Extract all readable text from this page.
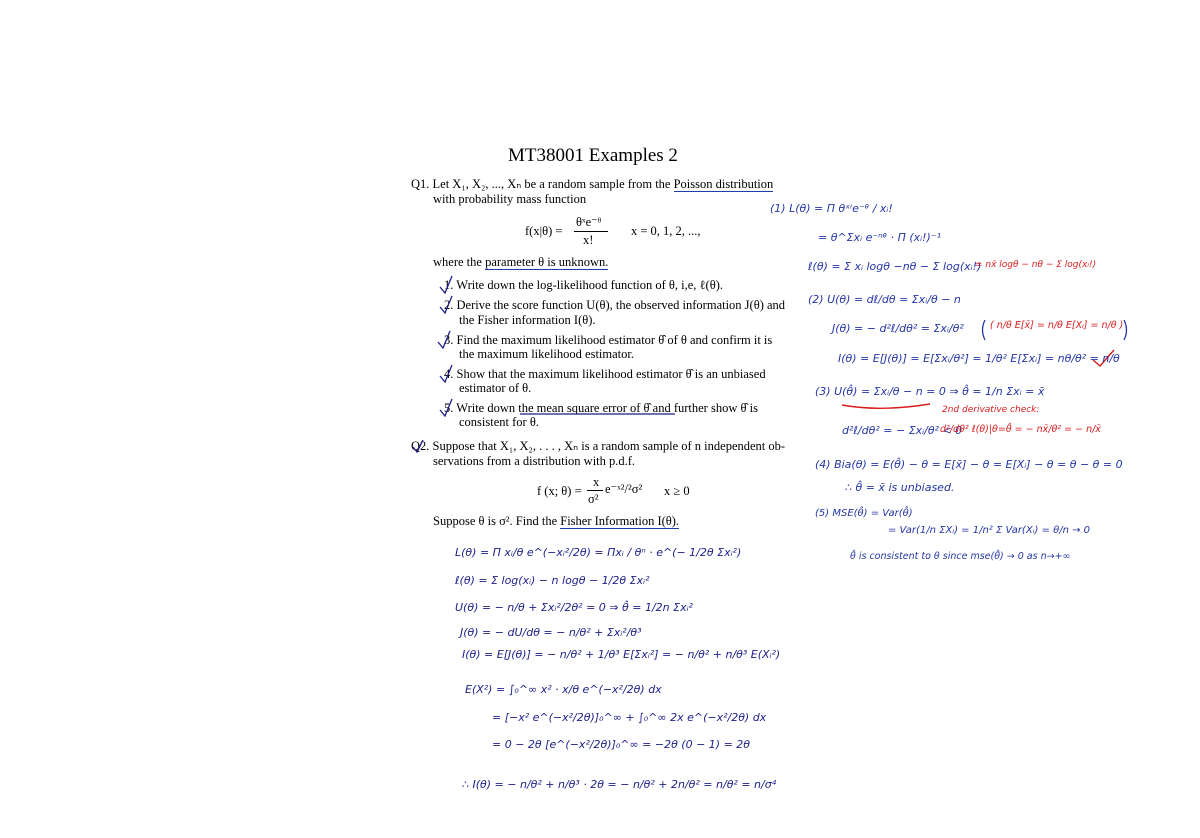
MT38001 Examples 2
Q1. Let X₁, X₂, ..., Xₙ be a random sample from the Poisson distribution
with probability mass function
f(x|θ) =
θˣe⁻ᶿ
x!
x = 0, 1, 2, ...,
where the parameter θ is unknown.
1. Write down the log-likelihood function of θ, i,e, ℓ(θ).
2. Derive the score function U(θ), the observed information J(θ) and
the Fisher information I(θ).
3. Find the maximum likelihood estimator θ̂ of θ and confirm it is
the maximum likelihood estimator.
4. Show that the maximum likelihood estimator θ̂ is an unbiased
estimator of θ.
5. Write down the mean square error of θ̂ and further show θ̂ is
consistent for θ.
Q2. Suppose that X₁, X₂, . . . , Xₙ is a random sample of n independent ob-
servations from a distribution with p.d.f.
f (x; θ) =
x
σ²
e⁻ˣ²/²σ² x ≥ 0
Suppose θ is σ². Find the Fisher Information I(θ).
(1) L(θ) = Π θˣⁱe⁻ᶿ / xᵢ!
= θ^Σxᵢ e⁻ⁿᶿ · Π (xᵢ!)⁻¹
ℓ(θ) = Σ xᵢ logθ −nθ − Σ log(xᵢ!)
= nx̄ logθ − nθ − Σ log(xᵢ!)
(2) U(θ) = dℓ/dθ = Σxᵢ/θ − n
J(θ) = − d²ℓ/dθ² = Σxᵢ/θ²	( n/θ E[x̄] = n/θ E[Xᵢ] = n/θ )
I(θ) = E[J(θ)] = E[Σxᵢ/θ²] = 1/θ² E[Σxᵢ] = nθ/θ² = n/θ
(3) U(θ̂) = Σxᵢ/θ − n = 0 ⇒ θ̂ = 1/n Σxᵢ = x̄
2nd derivative check:
d²ℓ/dθ² = − Σxᵢ/θ² < 0
d²/dθ² ℓ(θ)|θ=θ̂ = − nx̄/θ² = − n/x̄
(4) Bia(θ) = E(θ̂) − θ = E[x̄] − θ = E[Xᵢ] − θ = θ − θ = 0
∴ θ̂ = x̄ is unbiased.
(5) MSE(θ̂) = Var(θ̂)
= Var(1/n ΣXᵢ) = 1/n² Σ Var(Xᵢ) = θ/n → 0
θ̂ is consistent to θ since mse(θ̂) → 0 as n→+∞
L(θ) = Π xᵢ/θ e^(−xᵢ²/2θ) = Πxᵢ / θⁿ · e^(− 1/2θ Σxᵢ²)
ℓ(θ) = Σ log(xᵢ) − n logθ − 1/2θ Σxᵢ²
U(θ) = − n/θ + Σxᵢ²/2θ² = 0 ⇒ θ̂ = 1/2n Σxᵢ²
J(θ) = − dU/dθ = − n/θ² + Σxᵢ²/θ³
I(θ) = E[J(θ)] = − n/θ² + 1/θ³ E[Σxᵢ²] = − n/θ² + n/θ³ E(Xᵢ²)
E(X²) = ∫₀^∞ x² · x/θ e^(−x²/2θ) dx
= [−x² e^(−x²/2θ)]₀^∞ + ∫₀^∞ 2x e^(−x²/2θ) dx
= 0 − 2θ [e^(−x²/2θ)]₀^∞ = −2θ (0 − 1) = 2θ
∴ I(θ) = − n/θ² + n/θ³ · 2θ = − n/θ² + 2n/θ² = n/θ² = n/σ⁴
